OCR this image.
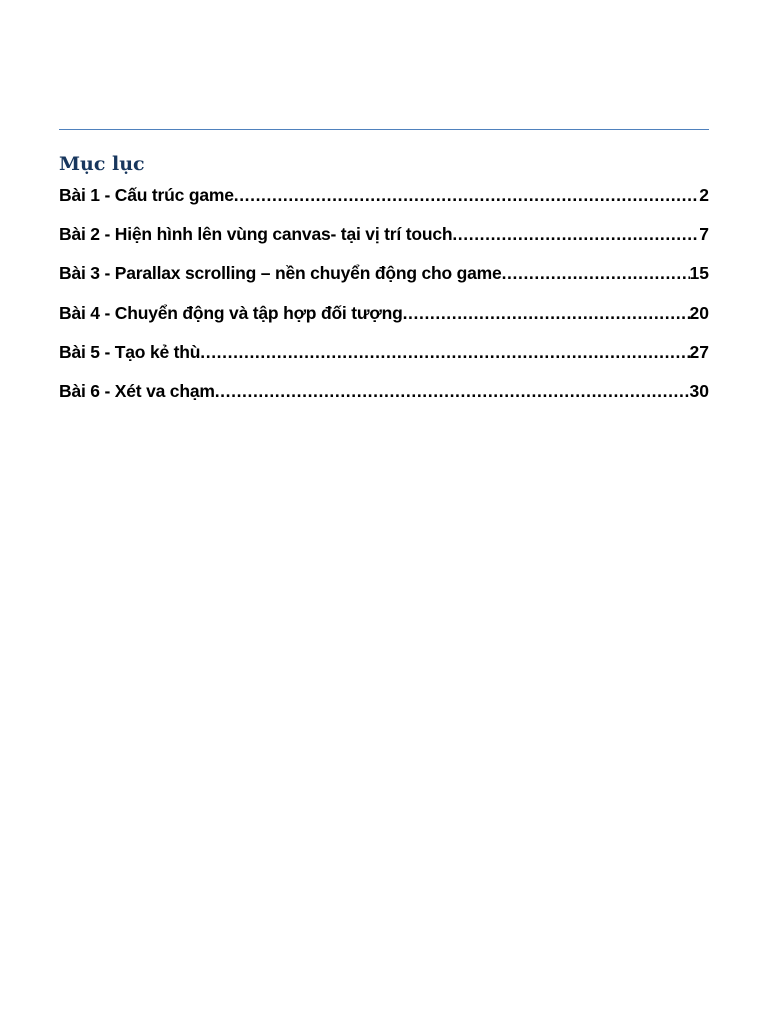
Mục lục
Bài 1 - Cấu trúc game .....	2
Bài 2 - Hiện hình lên vùng canvas- tại vị trí touch .....	7
Bài 3 - Parallax scrolling – nền chuyển động cho game .....	15
Bài 4 - Chuyển động và tập hợp đối tượng .....	20
Bài 5 - Tạo kẻ thù .....	27
Bài 6 - Xét va chạm .....	30
